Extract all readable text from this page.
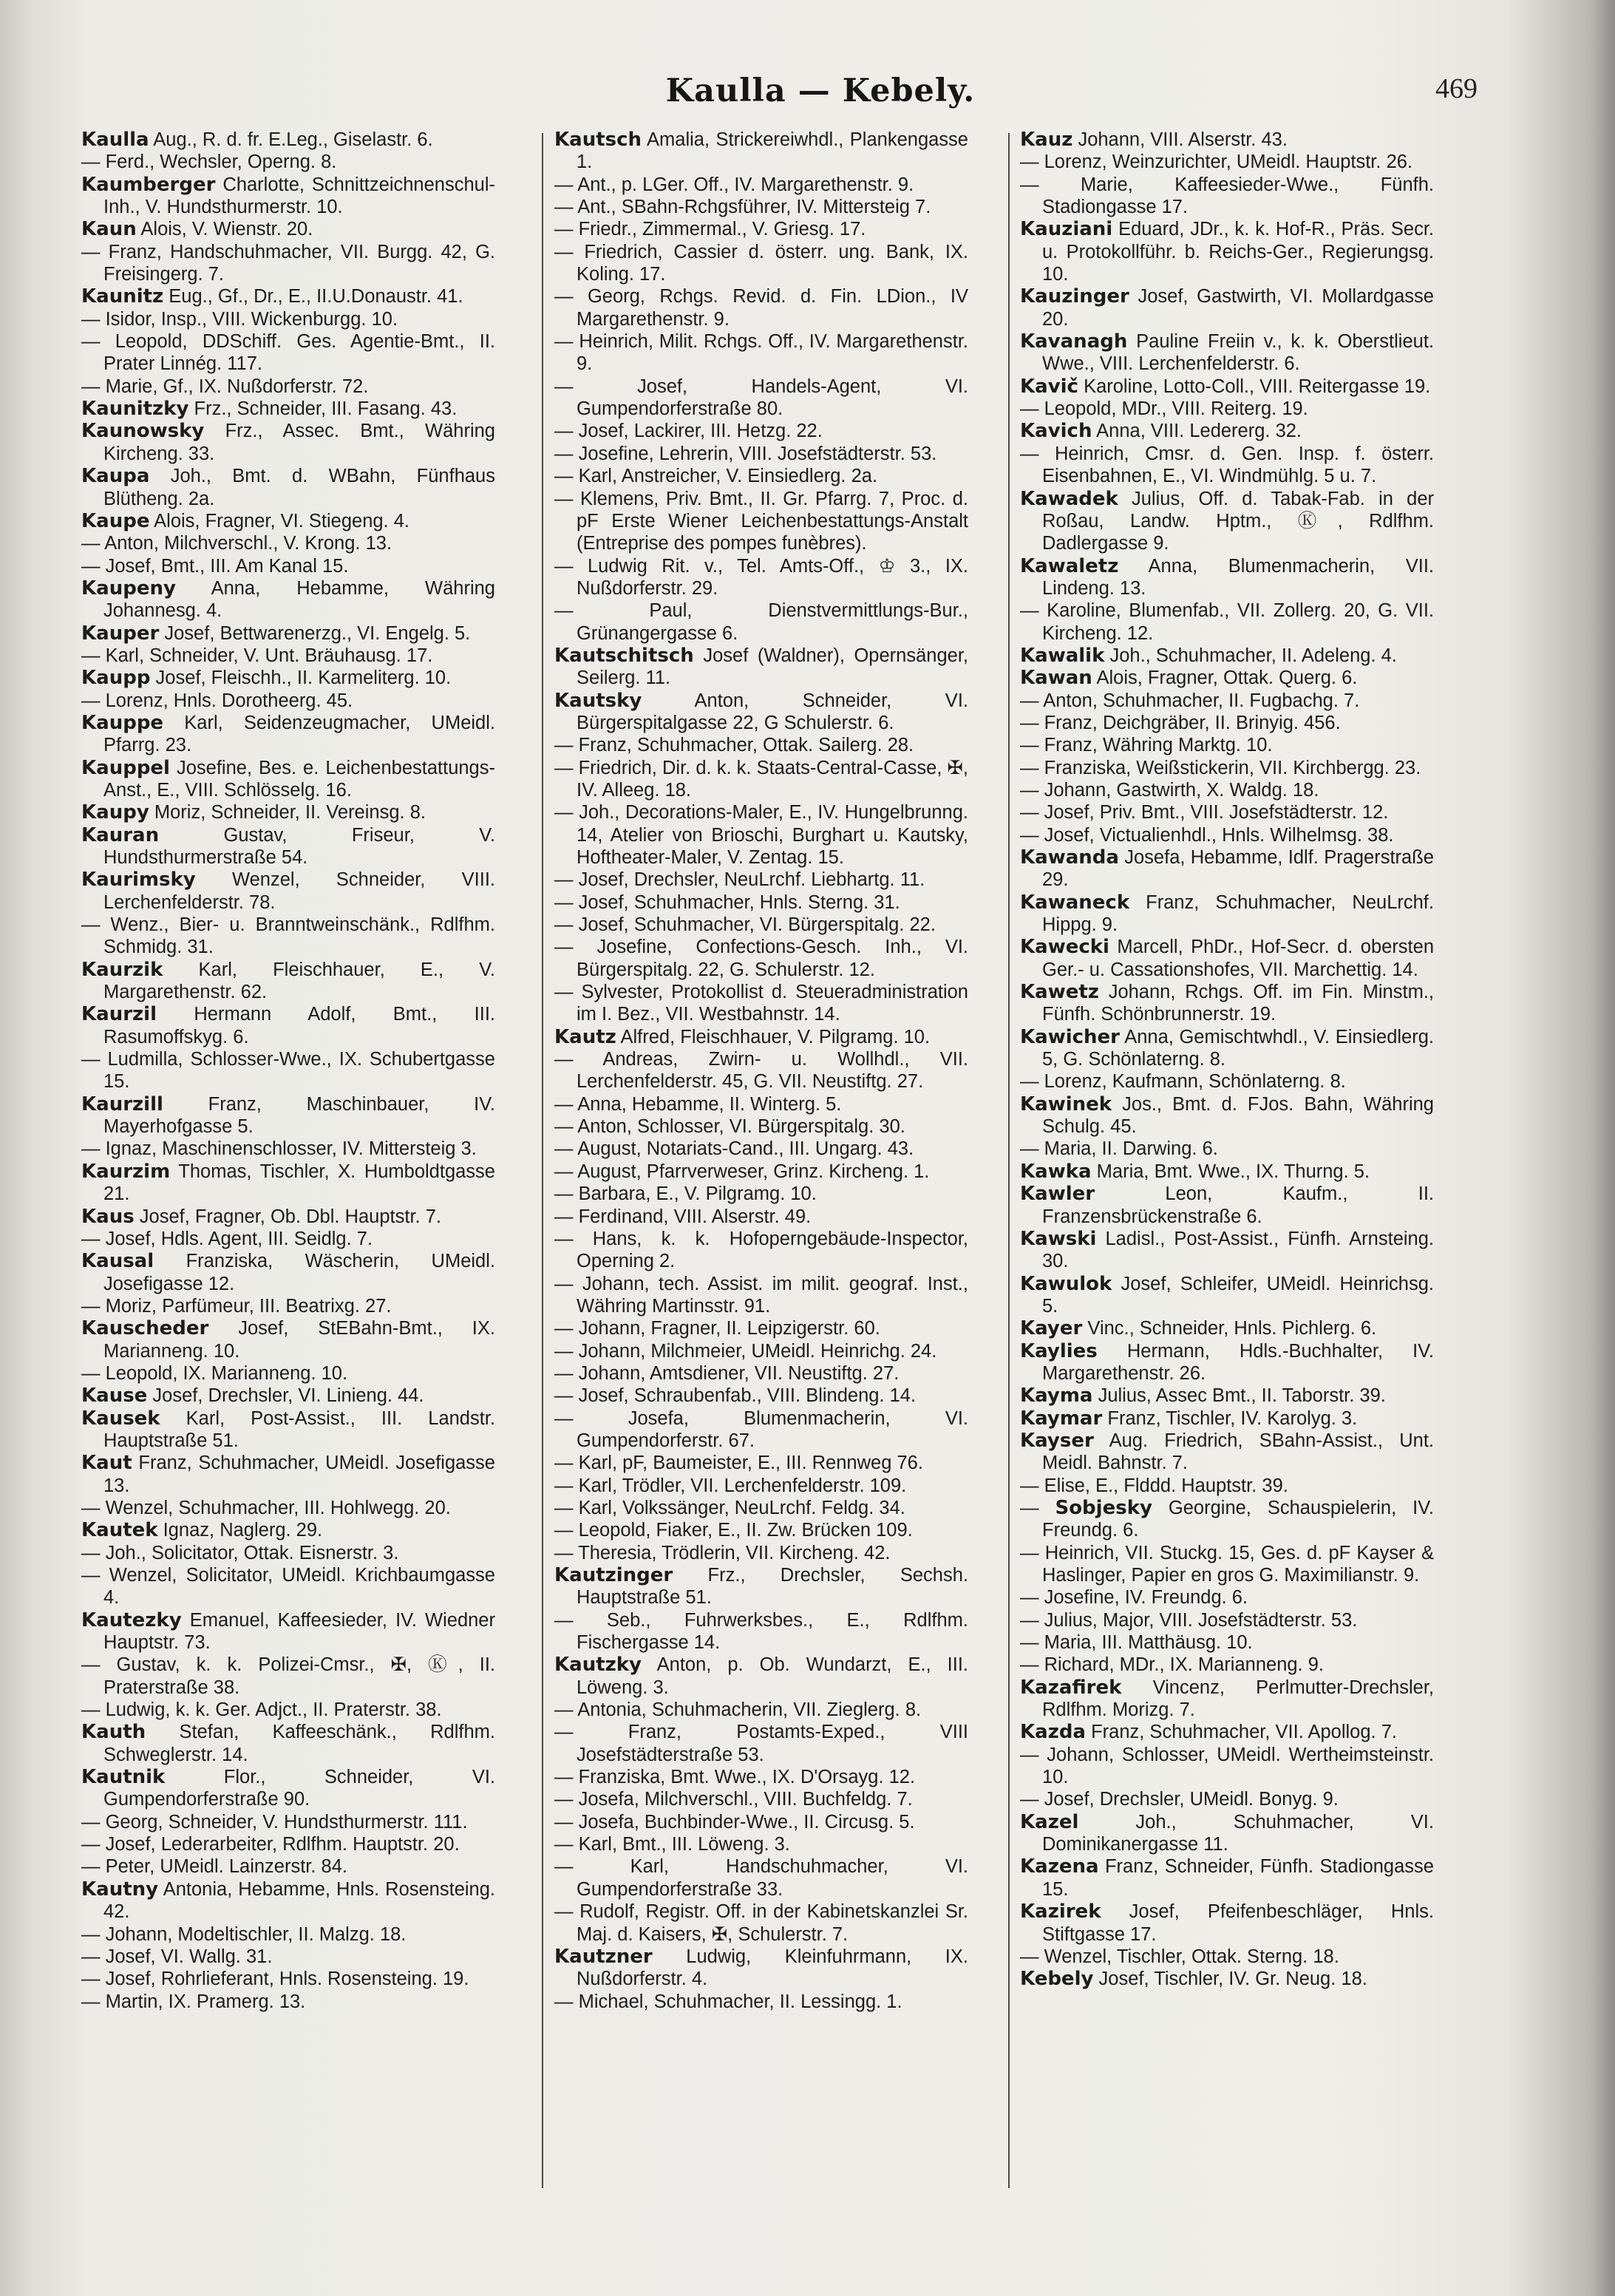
Kaulla — Kebely.	469

Kaulla Aug., R. d. fr. E.Leg., Giselastr. 6.

— Ferd., Wechsler, Operng. 8.

Kaumberger Charlotte, Schnittzeichnenschul-Inh., V. Hundsthurmerstr. 10.

Kaun Alois, V. Wienstr. 20.

— Franz, Handschuhmacher, VII. Burgg. 42, G. Freisingerg. 7.

Kaunitz Eug., Gf., Dr., E., II.U.Donaustr. 41.

— Isidor, Insp., VIII. Wickenburgg. 10.

— Leopold, DDSchiff. Ges. Agentie-Bmt., II. Prater Linnég. 117.

— Marie, Gf., IX. Nußdorferstr. 72.

Kaunitzky Frz., Schneider, III. Fasang. 43.

Kaunowsky Frz., Assec. Bmt., Währing Kircheng. 33.

Kaupa Joh., Bmt. d. WBahn, Fünfhaus Blütheng. 2a.

Kaupe Alois, Fragner, VI. Stiegeng. 4.

— Anton, Milchverschl., V. Krong. 13.

— Josef, Bmt., III. Am Kanal 15.

Kaupeny Anna, Hebamme, Währing Johannesg. 4.

Kauper Josef, Bettwarenerzg., VI. Engelg. 5.

— Karl, Schneider, V. Unt. Bräuhausg. 17.

Kaupp Josef, Fleischh., II. Karmeliterg. 10.

— Lorenz, Hnls. Dorotheerg. 45.

Kauppe Karl, Seidenzeugmacher, UMeidl. Pfarrg. 23.

Kauppel Josefine, Bes. e. Leichenbestattungs-Anst., E., VIII. Schlösselg. 16.

Kaupy Moriz, Schneider, II. Vereinsg. 8.

Kauran	Gustav, Friseur, V. Hundsthurmerstraße 54.

Kaurimsky Wenzel, Schneider, VIII. Lerchenfelderstr. 78.

— Wenz., Bier- u. Branntweinschänk., Rdlfhm. Schmidg. 31.

Kaurzik Karl, Fleischhauer, E., V. Margarethenstr. 62.

Kaurzil Hermann Adolf, Bmt., III. Rasumoffskyg. 6.

— Ludmilla, Schlosser-Wwe., IX. Schubertgasse 15.

Kaurzill Franz, Maschinbauer, IV. Mayerhofgasse 5.

— Ignaz, Maschinenschlosser, IV. Mittersteig 3.

Kaurzim Thomas, Tischler, X. Humboldtgasse 21.

Kaus Josef, Fragner, Ob. Dbl. Hauptstr. 7.

— Josef, Hdls. Agent, III. Seidlg. 7.

Kausal Franziska, Wäscherin, UMeidl. Josefigasse 12.

— Moriz, Parfümeur, III. Beatrixg. 27.

Kauscheder Josef, StEBahn-Bmt., IX. Marianneng. 10.

— Leopold, IX. Marianneng. 10.

Kause Josef, Drechsler, VI. Linieng. 44.

Kausek Karl, Post-Assist., III. Landstr. Hauptstraße 51.

Kaut Franz, Schuhmacher, UMeidl. Josefigasse 13.

— Wenzel, Schuhmacher, III. Hohlwegg. 20.

Kautek Ignaz, Naglerg. 29.

— Joh., Solicitator, Ottak. Eisnerstr. 3.

— Wenzel, Solicitator, UMeidl. Krichbaumgasse 4.

Kautezky Emanuel, Kaffeesieder, IV. Wiedner Hauptstr. 73.

— Gustav, k. k. Polizei-Cmsr., ✠, Ⓚ, II. Praterstraße 38.

— Ludwig, k. k. Ger. Adjct., II. Praterstr. 38.

Kauth Stefan, Kaffeeschänk., Rdlfhm. Schweglerstr. 14.

Kautnik	Flor., Schneider, VI. Gumpendorferstraße 90.

— Georg, Schneider, V. Hundsthurmerstr. 111.

— Josef, Lederarbeiter, Rdlfhm. Hauptstr. 20.

— Peter, UMeidl. Lainzerstr. 84.

Kautny Antonia, Hebamme, Hnls. Rosensteing. 42.

— Johann, Modeltischler, II. Malzg. 18.

— Josef, VI. Wallg. 31.

— Josef, Rohrlieferant, Hnls. Rosensteing. 19.

— Martin, IX. Pramerg. 13.

Kautsch Amalia, Strickereiwhdl., Plankengasse 1.

— Ant., p. LGer. Off., IV. Margarethenstr. 9.

— Ant., SBahn-Rchgsführer, IV. Mittersteig 7.

— Friedr., Zimmermal., V. Griesg. 17.

— Friedrich, Cassier d. österr. ung. Bank, IX. Koling. 17.

— Georg, Rchgs. Revid. d. Fin. LDion., IV Margarethenstr. 9.

— Heinrich, Milit. Rchgs. Off., IV. Margarethenstr. 9.

—	Josef, Handels-Agent, VI. Gumpendorferstraße 80.

— Josef, Lackirer, III. Hetzg. 22.

— Josefine, Lehrerin, VIII. Josefstädterstr. 53.

— Karl, Anstreicher, V. Einsiedlerg. 2a.

— Klemens, Priv. Bmt., II. Gr. Pfarrg. 7, Proc. d. pF Erste Wiener Leichenbestattungs-Anstalt (Entreprise des pompes funèbres).

— Ludwig Rit. v., Tel. Amts-Off., ♔ 3., IX. Nußdorferstr. 29.

—	Paul, Dienstvermittlungs-Bur., Grünangergasse 6.

Kautschitsch Josef (Waldner), Opernsänger, Seilerg. 11.

Kautsky	Anton, Schneider, VI. Bürgerspitalgasse 22, G Schulerstr. 6.

— Franz, Schuhmacher, Ottak. Sailerg. 28.

— Friedrich, Dir. d. k. k. Staats-Central-Casse, ✠, IV. Alleeg. 18.

— Joh., Decorations-Maler, E., IV. Hungelbrunng. 14, Atelier von Brioschi, Burghart u. Kautsky, Hoftheater-Maler, V. Zentag. 15.

— Josef, Drechsler, NeuLrchf. Liebhartg. 11.

— Josef, Schuhmacher, Hnls. Sterng. 31.

— Josef, Schuhmacher, VI. Bürgerspitalg. 22.

— Josefine, Confections-Gesch. Inh., VI. Bürgerspitalg. 22, G. Schulerstr. 12.

— Sylvester, Protokollist d. Steueradministration im I. Bez., VII. Westbahnstr. 14.

Kautz Alfred, Fleischhauer, V. Pilgramg. 10.

— Andreas, Zwirn- u. Wollhdl., VII. Lerchenfelderstr. 45, G. VII. Neustiftg. 27.

— Anna, Hebamme, II. Winterg. 5.

— Anton, Schlosser, VI. Bürgerspitalg. 30.

— August, Notariats-Cand., III. Ungarg. 43.

— August, Pfarrverweser, Grinz. Kircheng. 1.

— Barbara, E., V. Pilgramg. 10.

— Ferdinand, VIII. Alserstr. 49.

— Hans, k. k. Hofoperngebäude-Inspector, Operning 2.

— Johann, tech. Assist. im milit. geograf. Inst., Währing Martinsstr. 91.

— Johann, Fragner, II. Leipzigerstr. 60.

— Johann, Milchmeier, UMeidl. Heinrichg. 24.

— Johann, Amtsdiener, VII. Neustiftg. 27.

— Josef, Schraubenfab., VIII. Blindeng. 14.

—	Josefa, Blumenmacherin, VI. Gumpendorferstr. 67.

— Karl, pF, Baumeister, E., III. Rennweg 76.

— Karl, Trödler, VII. Lerchenfelderstr. 109.

— Karl, Volkssänger, NeuLrchf. Feldg. 34.

— Leopold, Fiaker, E., II. Zw. Brücken 109.

— Theresia, Trödlerin, VII. Kircheng. 42.

Kautzinger Frz., Drechsler, Sechsh. Hauptstraße 51.

— Seb., Fuhrwerksbes., E., Rdlfhm. Fischergasse 14.

Kautzky Anton, p. Ob. Wundarzt, E., III. Löweng. 3.

— Antonia, Schuhmacherin, VII. Zieglerg. 8.

—	Franz, Postamts-Exped., VIII Josefstädterstraße 53.

— Franziska, Bmt. Wwe., IX. D'Orsayg. 12.

— Josefa, Milchverschl., VIII. Buchfeldg. 7.

— Josefa, Buchbinder-Wwe., II. Circusg. 5.

— Karl, Bmt., III. Löweng. 3.

—	Karl, Handschuhmacher, VI. Gumpendorferstraße 33.

— Rudolf, Registr. Off. in der Kabinetskanzlei Sr. Maj. d. Kaisers, ✠, Schulerstr. 7.

Kautzner Ludwig, Kleinfuhrmann, IX. Nußdorferstr. 4.

— Michael, Schuhmacher, II. Lessingg. 1.

Kauz Johann, VIII. Alserstr. 43.

— Lorenz, Weinzurichter, UMeidl. Hauptstr. 26.

— Marie, Kaffeesieder-Wwe., Fünfh. Stadiongasse 17.

Kauziani Eduard, JDr., k. k. Hof-R., Präs. Secr. u. Protokollführ. b. Reichs-Ger., Regierungsg. 10.

Kauzinger Josef, Gastwirth, VI. Mollardgasse 20.

Kavanagh Pauline Freiin v., k. k. Oberstlieut. Wwe., VIII. Lerchenfelderstr. 6.

Kavič Karoline, Lotto-Coll., VIII. Reitergasse 19.

— Leopold, MDr., VIII. Reiterg. 19.

Kavich Anna, VIII. Ledererg. 32.

— Heinrich, Cmsr. d. Gen. Insp. f. österr. Eisenbahnen, E., VI. Windmühlg. 5 u. 7.

Kawadek Julius, Off. d. Tabak-Fab. in der Roßau, Landw. Hptm., Ⓚ, Rdlfhm. Dadlergasse 9.

Kawaletz Anna, Blumenmacherin, VII. Lindeng. 13.

— Karoline, Blumenfab., VII. Zollerg. 20, G. VII. Kircheng. 12.

Kawalik Joh., Schuhmacher, II. Adeleng. 4.

Kawan Alois, Fragner, Ottak. Querg. 6.

— Anton, Schuhmacher, II. Fugbachg. 7.

— Franz, Deichgräber, II. Brinyig. 456.

— Franz, Währing Marktg. 10.

— Franziska, Weißstickerin, VII. Kirchbergg. 23.

— Johann, Gastwirth, X. Waldg. 18.

— Josef, Priv. Bmt., VIII. Josefstädterstr. 12.

— Josef, Victualienhdl., Hnls. Wilhelmsg. 38.

Kawanda Josefa, Hebamme, Idlf. Pragerstraße 29.

Kawaneck Franz, Schuhmacher, NeuLrchf. Hippg. 9.

Kawecki Marcell, PhDr., Hof-Secr. d. obersten Ger.- u. Cassationshofes, VII. Marchettig. 14.

Kawetz Johann, Rchgs. Off. im Fin. Minstm., Fünfh. Schönbrunnerstr. 19.

Kawicher Anna, Gemischtwhdl., V. Einsiedlerg. 5, G. Schönlaterng. 8.

— Lorenz, Kaufmann, Schönlaterng. 8.

Kawinek Jos., Bmt. d. FJos. Bahn, Währing Schulg. 45.

— Maria, II. Darwing. 6.

Kawka Maria, Bmt. Wwe., IX. Thurng. 5.

Kawler	Leon, Kaufm., II. Franzensbrückenstraße 6.

Kawski Ladisl., Post-Assist., Fünfh. Arnsteing. 30.

Kawulok Josef, Schleifer, UMeidl. Heinrichsg. 5.

Kayer Vinc., Schneider, Hnls. Pichlerg. 6.

Kaylies Hermann, Hdls.-Buchhalter, IV. Margarethenstr. 26.

Kayma Julius, Assec Bmt., II. Taborstr. 39.

Kaymar Franz, Tischler, IV. Karolyg. 3.

Kayser Aug. Friedrich, SBahn-Assist., Unt. Meidl. Bahnstr. 7.

— Elise, E., Flddd. Hauptstr. 39.

— Sobjesky Georgine, Schauspielerin, IV. Freundg. 6.

— Heinrich, VII. Stuckg. 15, Ges. d. pF Kayser & Haslinger, Papier en gros G. Maximilianstr. 9.

— Josefine, IV. Freundg. 6.

— Julius, Major, VIII. Josefstädterstr. 53.

— Maria, III. Matthäusg. 10.

— Richard, MDr., IX. Marianneng. 9.

Kazafirek Vincenz, Perlmutter-Drechsler, Rdlfhm. Morizg. 7.

Kazda Franz, Schuhmacher, VII. Apollog. 7.

— Johann, Schlosser, UMeidl. Wertheimsteinstr. 10.

— Josef, Drechsler, UMeidl. Bonyg. 9.

Kazel	Joh., Schuhmacher, VI. Dominikanergasse 11.

Kazena Franz, Schneider, Fünfh. Stadiongasse 15.

Kazirek Josef, Pfeifenbeschläger, Hnls. Stiftgasse 17.

— Wenzel, Tischler, Ottak. Sterng. 18.

Kebely Josef, Tischler, IV. Gr. Neug. 18.
